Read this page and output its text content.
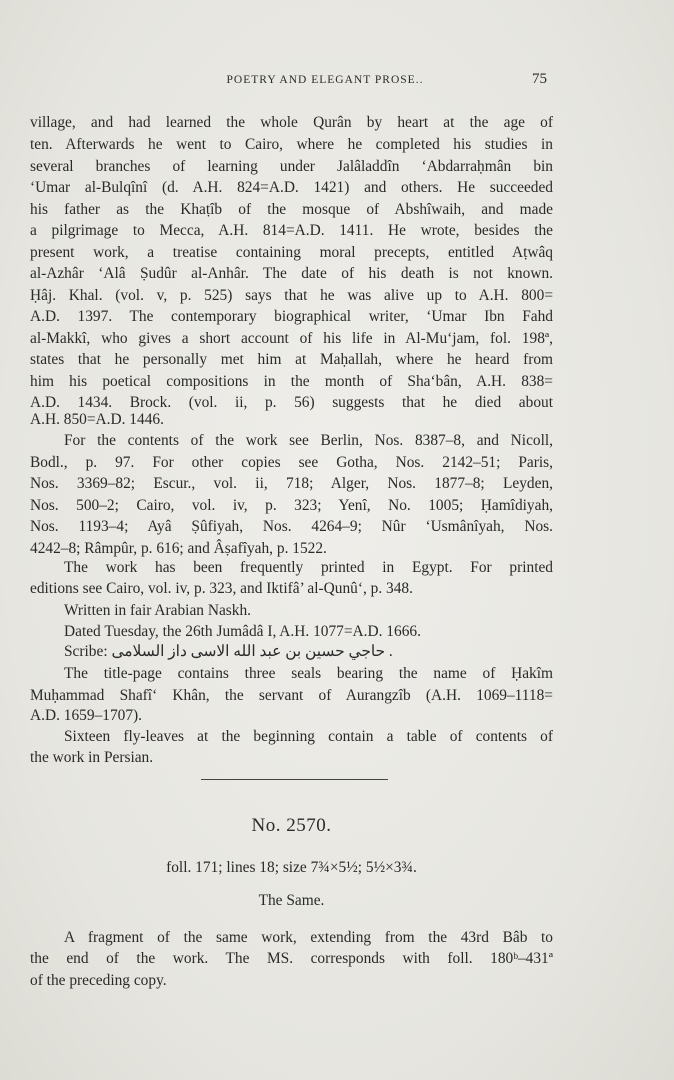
POETRY AND ELEGANT PROSE..	75
village, and had learned the whole Qurân by heart at the age of
ten. Afterwards he went to Cairo, where he completed his studies in
several branches of learning under Jalâladdîn ‘Abdarraḥmân bin
‘Umar al-Bulqînî (d. A.H. 824=A.D. 1421) and others. He succeeded
his father as the Khaṭîb of the mosque of Abshîwaih, and made
a pilgrimage to Mecca, A.H. 814=A.D. 1411. He wrote, besides the
present work, a treatise containing moral precepts, entitled Aṭwâq
al-Azhâr ‘Alâ Ṣudûr al-Anhâr. The date of his death is not known.
Ḥâj. Khal. (vol. v, p. 525) says that he was alive up to A.H. 800=
A.D. 1397. The contemporary biographical writer, ‘Umar Ibn Fahd
al-Makkî, who gives a short account of his life in Al-Mu‘jam, fol. 198ª,
states that he personally met him at Maḥallah, where he heard from
him his poetical compositions in the month of Sha‘bân, A.H. 838=
A.D. 1434. Brock. (vol. ii, p. 56) suggests that he died about
A.H. 850=A.D. 1446.
For the contents of the work see Berlin, Nos. 8387–8, and Nicoll,
Bodl., p. 97. For other copies see Gotha, Nos. 2142–51; Paris,
Nos. 3369–82; Escur., vol. ii, 718; Alger, Nos. 1877–8; Leyden,
Nos. 500–2; Cairo, vol. iv, p. 323; Yenî, No. 1005; Ḥamîdiyah,
Nos. 1193–4; Ayâ Ṣûfiyah, Nos. 4264–9; Nûr ‘Usmânîyah, Nos.
4242–8; Râmpûr, p. 616; and Âṣafîyah, p. 1522.
The work has been frequently printed in Egypt. For printed
editions see Cairo, vol. iv, p. 323, and Iktifâ’ al-Qunû‘, p. 348.
Written in fair Arabian Naskh.
Dated Tuesday, the 26th Jumâdâ I, A.H. 1077=A.D. 1666.
Scribe: حاجي حسين بن عبد الله الاسى داز السلامى .
The title-page contains three seals bearing the name of Ḥakîm
Muḥammad Shafî‘ Khân, the servant of Aurangzîb (A.H. 1069–1118=
A.D. 1659–1707).
Sixteen fly-leaves at the beginning contain a table of contents of
the work in Persian.
No. 2570.
foll. 171; lines 18; size 7¾×5½; 5½×3¾.
The Same.
A fragment of the same work, extending from the 43rd Bâb to
the end of the work. The MS. corresponds with foll. 180ᵇ–431ª
of the preceding copy.
